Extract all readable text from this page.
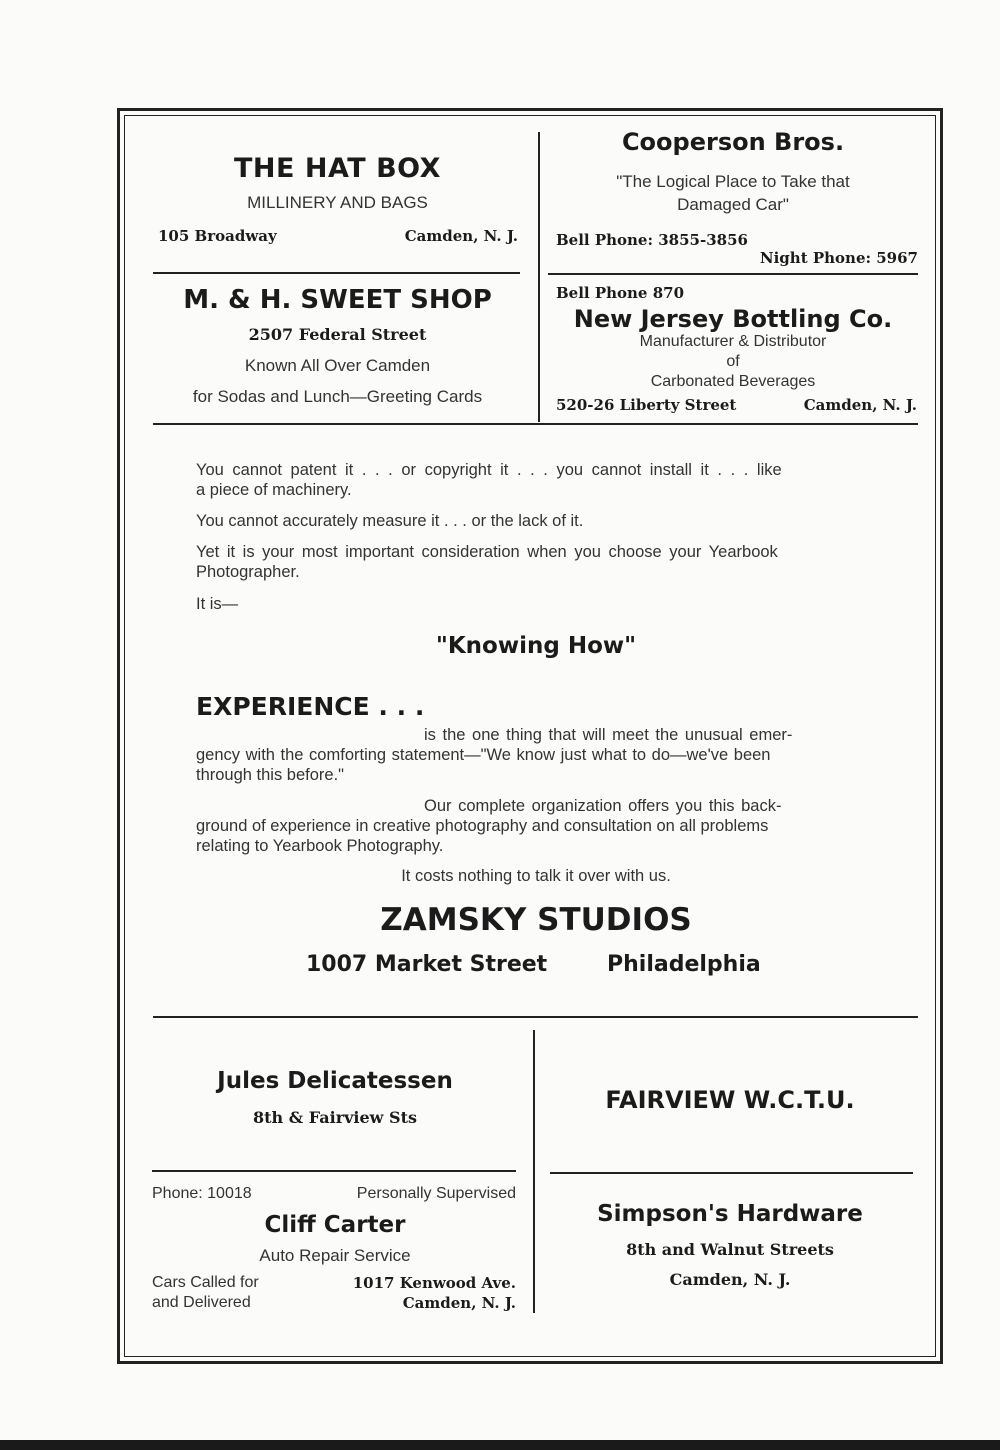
THE HAT BOX
MILLINERY AND BAGS
105 Broadway	Camden, N. J.
M. & H. SWEET SHOP
2507 Federal Street
Known All Over Camden
for Sodas and Lunch—Greeting Cards
Cooperson Bros.
"The Logical Place to Take that
Damaged Car"
Bell Phone: 3855-3856
Night Phone: 5967
Bell Phone 870
New Jersey Bottling Co.
Manufacturer & Distributor
of
Carbonated Beverages
520-26 Liberty Street	Camden, N. J.
You cannot patent it . . . or copyright it . . . you cannot install it . . . like
a piece of machinery.
You cannot accurately measure it . . . or the lack of it.
Yet it is your most important consideration when you choose your Yearbook
Photographer.
It is—
"Knowing How"
EXPERIENCE . . .
is the one thing that will meet the unusual emer-
gency with the comforting statement—"We know just what to do—we've been
through this before."
Our complete organization offers you this back-
ground of experience in creative photography and consultation on all problems
relating to Yearbook Photography.
It costs nothing to talk it over with us.
ZAMSKY STUDIOS
1007 Market Street	Philadelphia
Jules Delicatessen
8th & Fairview Sts
Phone: 10018	Personally Supervised
Cliff Carter
Auto Repair Service
Cars Called for
and Delivered
1017 Kenwood Ave.
Camden, N. J.
FAIRVIEW W.C.T.U.
Simpson's Hardware
8th and Walnut Streets
Camden, N. J.
